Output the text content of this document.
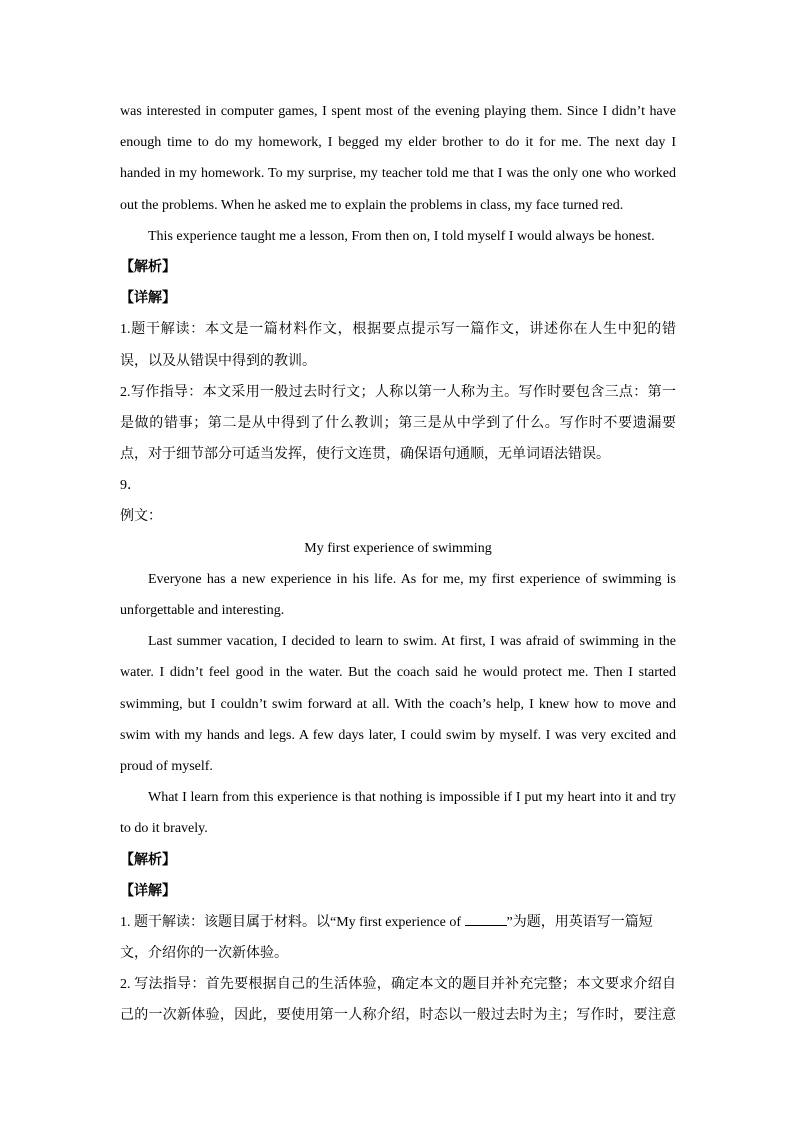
was interested in computer games, I spent most of the evening playing them. Since I didn’t have
enough time to do my homework, I begged my elder brother to do it for me. The next day I
handed in my homework. To my surprise, my teacher told me that I was the only one who worked
out the problems. When he asked me to explain the problems in class, my face turned red.
This experience taught me a lesson, From then on, I told myself I would always be honest.
【解析】
【详解】
1.题干解读：本文是一篇材料作文，根据要点提示写一篇作文，讲述你在人生中犯的错
误，以及从错误中得到的教训。
2.写作指导：本文采用一般过去时行文；人称以第一人称为主。写作时要包含三点：第一
是做的错事；第二是从中得到了什么教训；第三是从中学到了什么。写作时不要遗漏要
点，对于细节部分可适当发挥，使行文连贯，确保语句通顺，无单词语法错误。
9．
例文：
My first experience of swimming
Everyone has a new experience in his life. As for me, my first experience of swimming is
unforgettable and interesting.
Last summer vacation, I decided to learn to swim. At first, I was afraid of swimming in the
water. I didn’t feel good in the water. But the coach said he would protect me. Then I started
swimming, but I couldn’t swim forward at all. With the coach’s help, I knew how to move and
swim with my hands and legs. A few days later, I could swim by myself. I was very excited and
proud of myself.
What I learn from this experience is that nothing is impossible if I put my heart into it and try
to do it bravely.
【解析】
【详解】
1. 题干解读：该题目属于材料。以“My first experience of	”为题，用英语写一篇短
文，介绍你的一次新体验。
2. 写法指导：首先要根据自己的生活体验，确定本文的题目并补充完整；本文要求介绍自
己的一次新体验，因此，要使用第一人称介绍，时态以一般过去时为主；写作时，要注意
